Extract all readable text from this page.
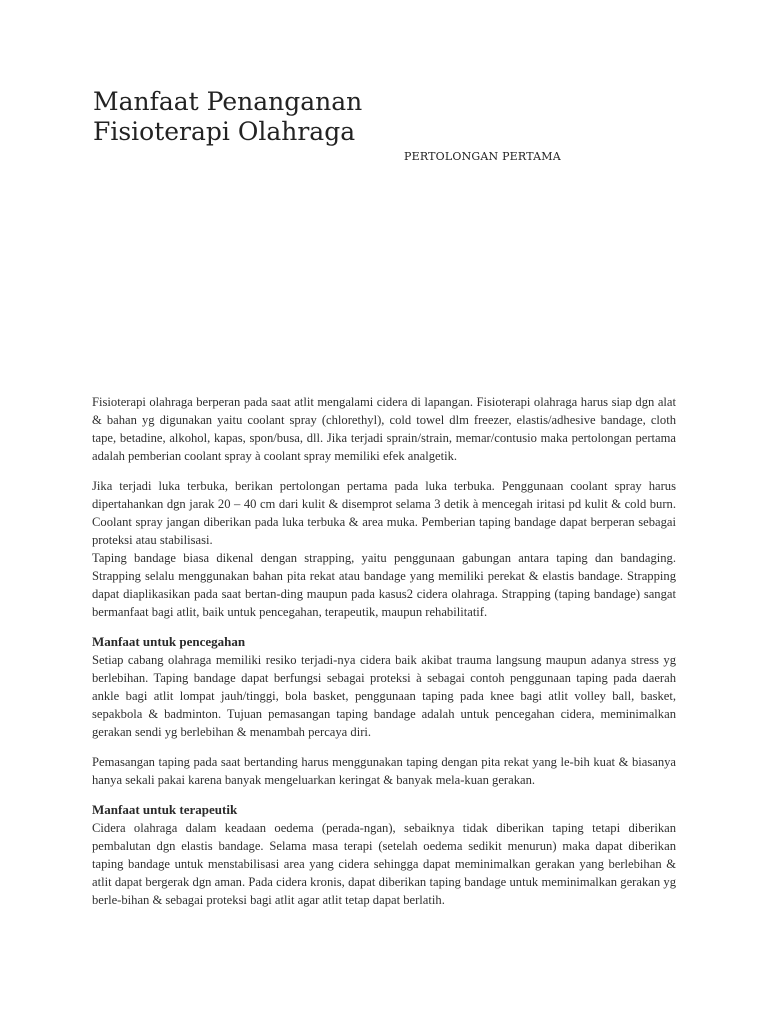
Manfaat Penanganan
Fisioterapi Olahraga
PERTOLONGAN PERTAMA

Fisioterapi olahraga berperan pada saat atlit mengalami cidera di lapangan. Fisioterapi olahraga harus siap dgn alat & bahan yg digunakan yaitu coolant spray (chlorethyl), cold towel dlm freezer, elastis/adhesive bandage, cloth tape, betadine, alkohol, kapas, spon/busa, dll. Jika terjadi sprain/strain, memar/contusio maka pertolongan pertama adalah pemberian coolant spray à coolant spray memiliki efek analgetik.

Jika terjadi luka terbuka, berikan pertolongan pertama pada luka terbuka. Penggunaan coolant spray harus dipertahankan dgn jarak 20 – 40 cm dari kulit & disemprot selama 3 detik à mencegah iritasi pd kulit & cold burn. Coolant spray jangan diberikan pada luka terbuka & area muka. Pemberian taping bandage dapat berperan sebagai proteksi atau stabilisasi.

Taping bandage biasa dikenal dengan strapping, yaitu penggunaan gabungan antara taping dan bandaging. Strapping selalu menggunakan bahan pita rekat atau bandage yang memiliki perekat & elastis bandage. Strapping dapat diaplikasikan pada saat bertan-ding maupun pada kasus2 cidera olahraga. Strapping (taping bandage) sangat bermanfaat bagi atlit, baik untuk pencegahan, terapeutik, maupun rehabilitatif.

Manfaat untuk pencegahan

Setiap cabang olahraga memiliki resiko terjadi-nya cidera baik akibat trauma langsung maupun adanya stress yg berlebihan. Taping bandage dapat berfungsi sebagai proteksi à sebagai contoh penggunaan taping pada daerah ankle bagi atlit lompat jauh/tinggi, bola basket, penggunaan taping pada knee bagi atlit volley ball, basket, sepakbola & badminton. Tujuan pemasangan taping bandage adalah untuk pencegahan cidera, meminimalkan gerakan sendi yg berlebihan & menambah percaya diri.

Pemasangan taping pada saat bertanding harus menggunakan taping dengan pita rekat yang le-bih kuat & biasanya hanya sekali pakai karena banyak mengeluarkan keringat & banyak mela-kuan gerakan.

Manfaat untuk terapeutik

Cidera olahraga dalam keadaan oedema (perada-ngan), sebaiknya tidak diberikan taping tetapi diberikan pembalutan dgn elastis bandage. Selama masa terapi (setelah oedema sedikit menurun) maka dapat diberikan taping bandage untuk menstabilisasi area yang cidera sehingga dapat meminimalkan gerakan yang berlebihan & atlit dapat bergerak dgn aman. Pada cidera kronis, dapat diberikan taping bandage untuk meminimalkan gerakan yg berle-bihan & sebagai proteksi bagi atlit agar atlit tetap dapat berlatih.
